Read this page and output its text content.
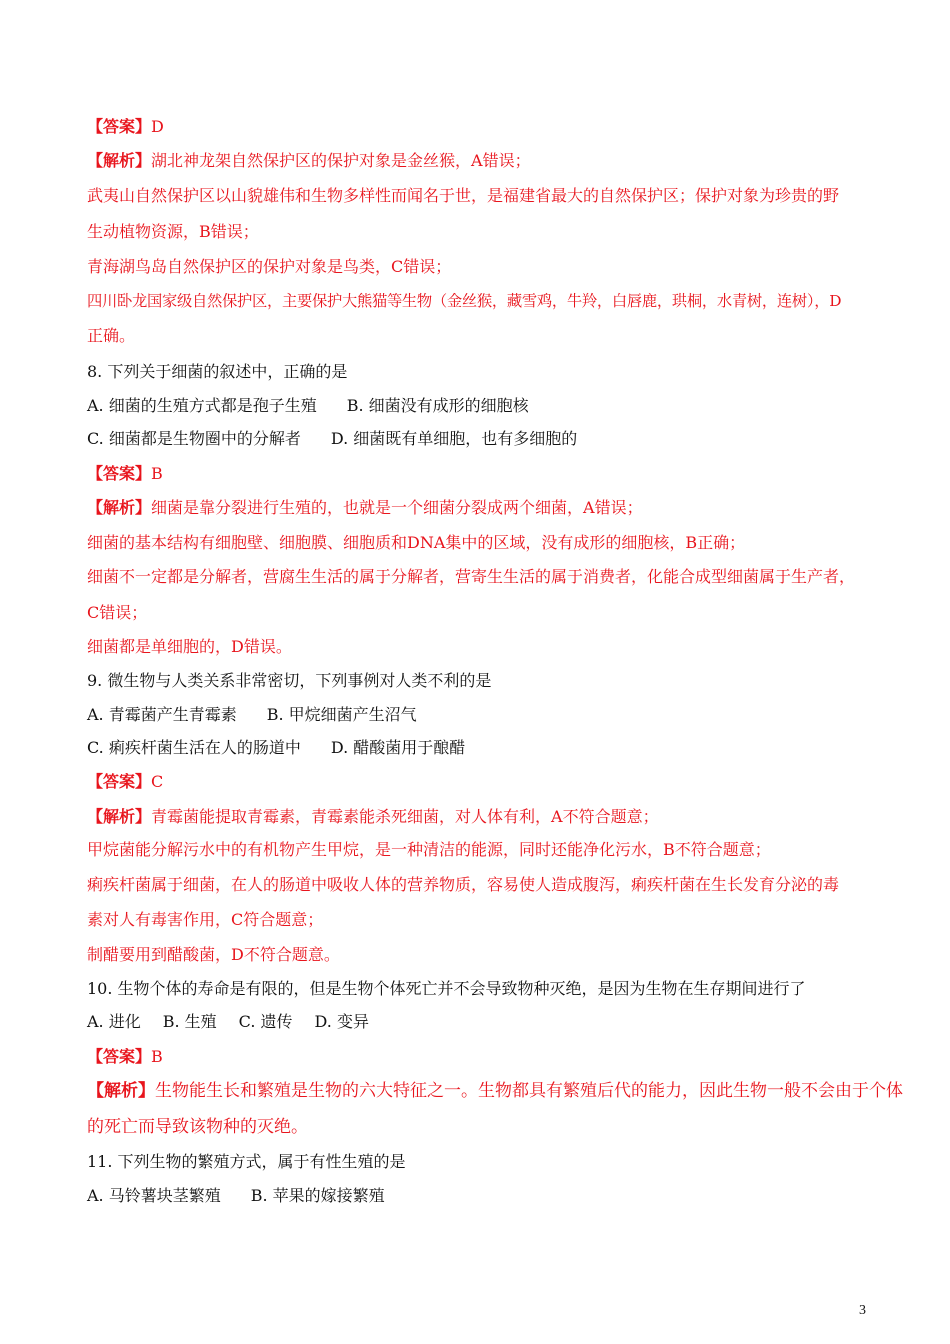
【答案】D
【解析】湖北神龙架自然保护区的保护对象是金丝猴，A错误；
武夷山自然保护区以山貌雄伟和生物多样性而闻名于世，是福建省最大的自然保护区；保护对象为珍贵的野
生动植物资源，B错误；
青海湖鸟岛自然保护区的保护对象是鸟类，C错误；
四川卧龙国家级自然保护区，主要保护大熊猫等生物（金丝猴，藏雪鸡，牛羚，白唇鹿，珙桐，水青树，连树），D
正确。
8. 下列关于细菌的叙述中，正确的是
A. 细菌的生殖方式都是孢子生殖 B. 细菌没有成形的细胞核
C. 细菌都是生物圈中的分解者 D. 细菌既有单细胞，也有多细胞的
【答案】B
【解析】细菌是靠分裂进行生殖的，也就是一个细菌分裂成两个细菌，A错误；
细菌的基本结构有细胞壁、细胞膜、细胞质和DNA集中的区域，没有成形的细胞核，B正确；
细菌不一定都是分解者，营腐生生活的属于分解者，营寄生生活的属于消费者，化能合成型细菌属于生产者，
C错误；
细菌都是单细胞的，D错误。
9. 微生物与人类关系非常密切，下列事例对人类不利的是
A. 青霉菌产生青霉素 B. 甲烷细菌产生沼气
C. 痢疾杆菌生活在人的肠道中 D. 醋酸菌用于酿醋
【答案】C
【解析】青霉菌能提取青霉素，青霉素能杀死细菌，对人体有利，A不符合题意；
甲烷菌能分解污水中的有机物产生甲烷，是一种清洁的能源，同时还能净化污水，B不符合题意；
痢疾杆菌属于细菌，在人的肠道中吸收人体的营养物质，容易使人造成腹泻，痢疾杆菌在生长发育分泌的毒
素对人有毒害作用，C符合题意；
制醋要用到醋酸菌，D不符合题意。
10. 生物个体的寿命是有限的，但是生物个体死亡并不会导致物种灭绝，是因为生物在生存期间进行了
A. 进化 B. 生殖 C. 遗传 D. 变异
【答案】B
【解析】生物能生长和繁殖是生物的六大特征之一。生物都具有繁殖后代的能力，因此生物一般不会由于个体
的死亡而导致该物种的灭绝。
11. 下列生物的繁殖方式，属于有性生殖的是
A. 马铃薯块茎繁殖 B. 苹果的嫁接繁殖
3
